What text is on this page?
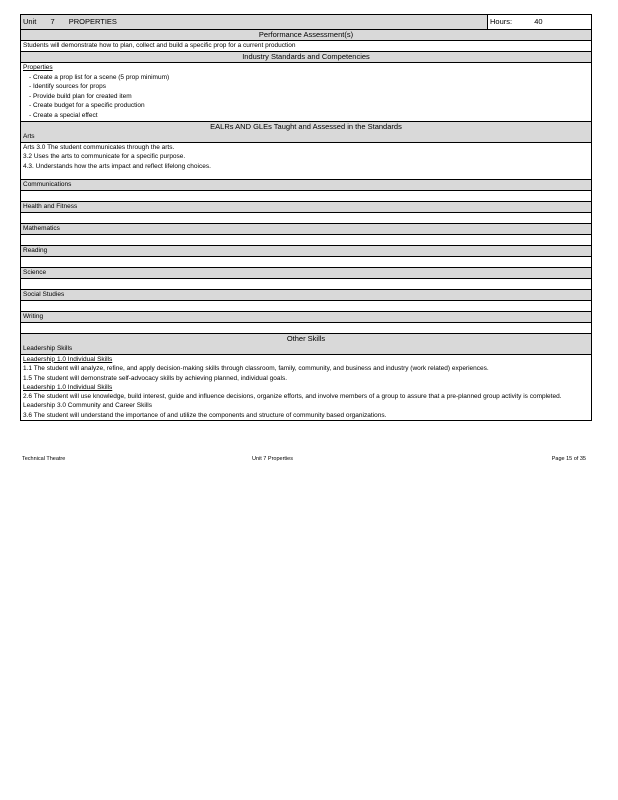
Unit 7 PROPERTIES	Hours:	40
Performance Assessment(s)
Students will demonstrate how to plan, collect and build a specific prop for a current production
Industry Standards and Competencies

Properties
- Create a prop list for a scene (5 prop minimum)
- Identify sources for props
- Provide build plan for created item
- Create budget for a specific production
- Create a special effect

EALRs AND GLEs Taught and Assessed in the Standards
Arts

Arts 3.0 The student communicates through the arts.
3.2 Uses the arts to communicate for a specific purpose.
4.3. Understands how the arts impact and reflect lifelong choices.

Communications

Health and Fitness

Mathematics

Reading

Science

Social Studies

Writing

Other Skills
Leadership Skills

Leadership 1.0 Individual Skills
1.1 The student will analyze, refine, and apply decision-making skills through classroom, family, community, and business and industry (work related) experiences.
1.5 The student will demonstrate self-advocacy skills by achieving planned, individual goals.
Leadership 1.0 Individual Skills
2.6 The student will use knowledge, build interest, guide and influence decisions, organize efforts, and involve members of a group to assure that a pre-planned group activity is completed.
Leadership 3.0 Community and Career Skills
3.6 The student will understand the importance of and utilize the components and structure of community based organizations.
Technical Theatre	Unit 7 Properties	Page 15 of 35
